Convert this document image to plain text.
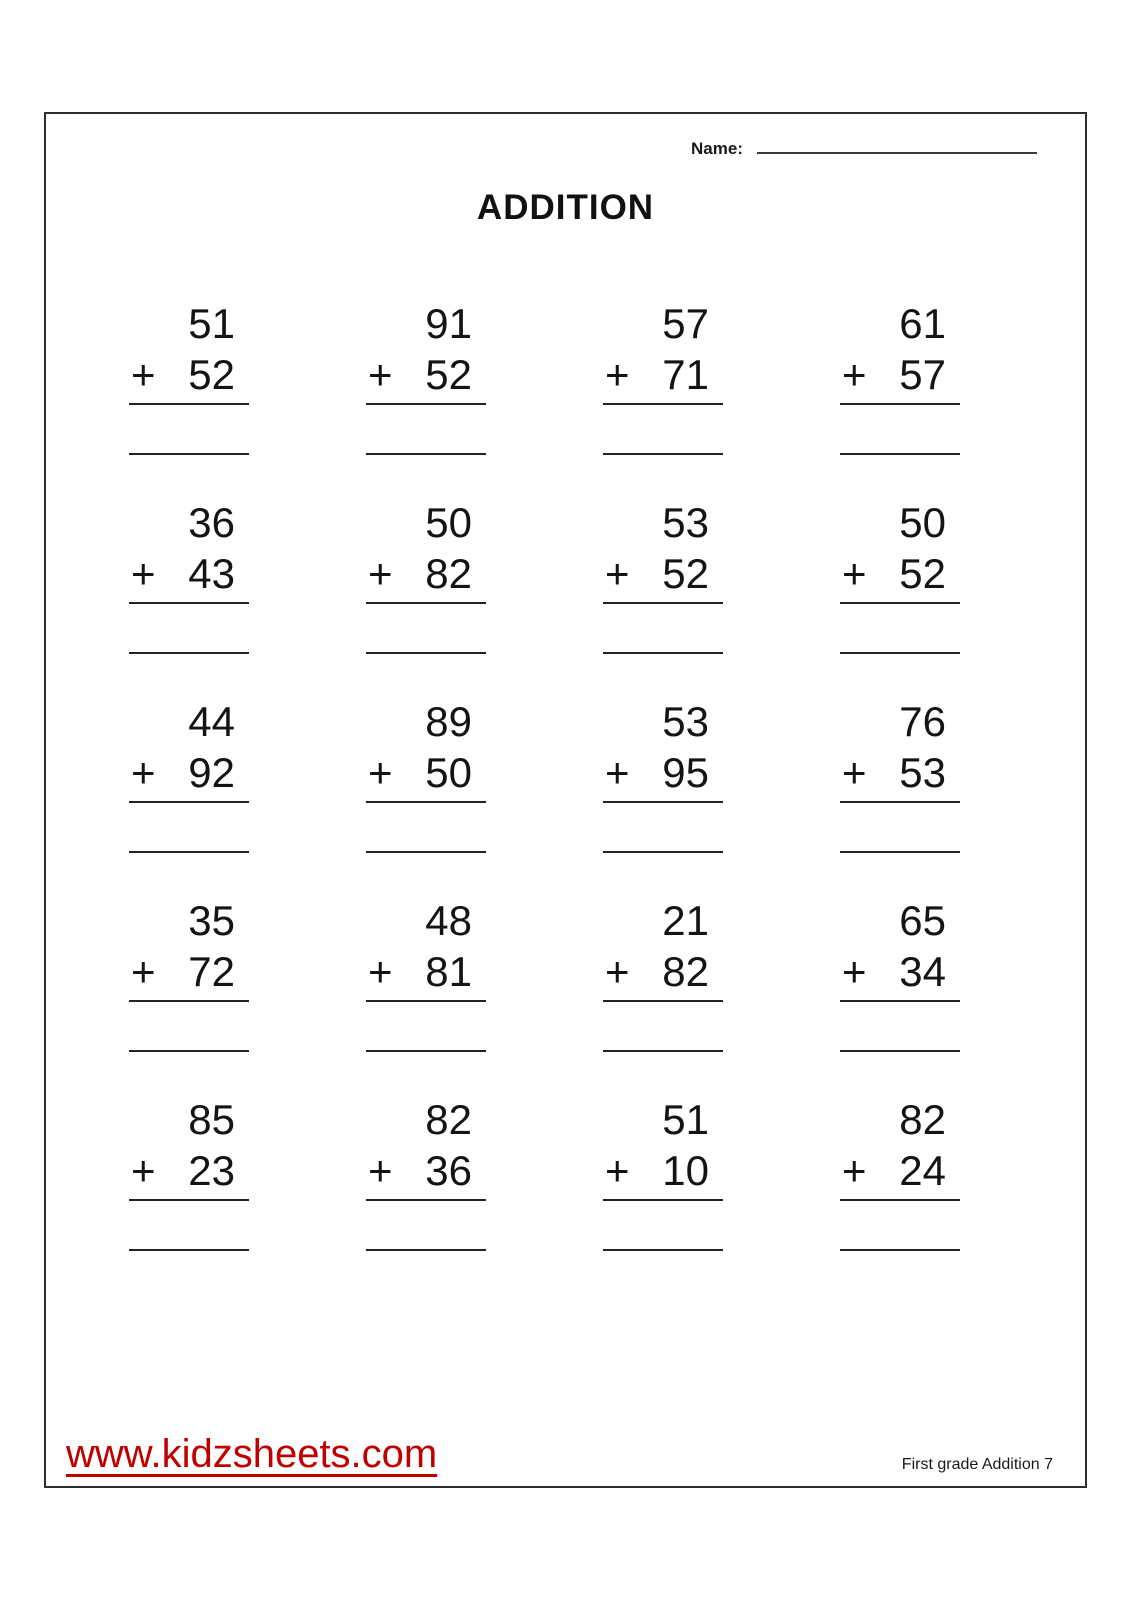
Name:
ADDITION
51
+ 52
91
+ 52
57
+ 71
61
+ 57
36
+ 43
50
+ 82
53
+ 52
50
+ 52
44
+ 92
89
+ 50
53
+ 95
76
+ 53
35
+ 72
48
+ 81
21
+ 82
65
+ 34
85
+ 23
82
+ 36
51
+ 10
82
+ 24
www.kidzsheets.com	First grade Addition 7
